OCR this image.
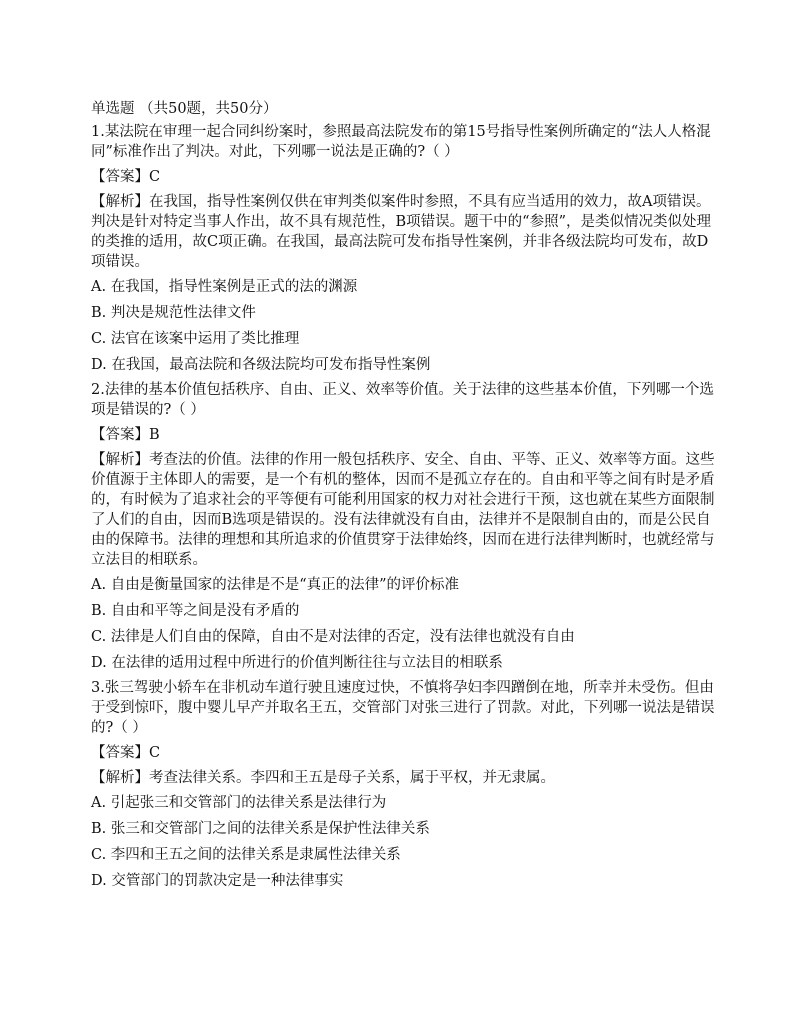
单选题 （共50题，共50分）
1.某法院在审理一起合同纠纷案时，参照最高法院发布的第15号指导性案例所确定的“法人人格混同”标准作出了判决。对此，下列哪一说法是正确的?（ ）
【答案】C
【解析】在我国，指导性案例仅供在审判类似案件时参照，不具有应当适用的效力，故A项错误。判决是针对特定当事人作出，故不具有规范性，B项错误。题干中的“参照”，是类似情况类似处理的类推的适用，故C项正确。在我国，最高法院可发布指导性案例，并非各级法院均可发布，故D项错误。
A. 在我国，指导性案例是正式的法的渊源
B. 判决是规范性法律文件
C. 法官在该案中运用了类比推理
D. 在我国，最高法院和各级法院均可发布指导性案例
2.法律的基本价值包括秩序、自由、正义、效率等价值。关于法律的这些基本价值，下列哪一个选项是错误的?（ ）
【答案】B
【解析】考查法的价值。法律的作用一般包括秩序、安全、自由、平等、正义、效率等方面。这些价值源于主体即人的需要，是一个有机的整体，因而不是孤立存在的。自由和平等之间有时是矛盾的，有时候为了追求社会的平等便有可能利用国家的权力对社会进行干预，这也就在某些方面限制了人们的自由，因而B选项是错误的。没有法律就没有自由，法律并不是限制自由的，而是公民自由的保障书。法律的理想和其所追求的价值贯穿于法律始终，因而在进行法律判断时，也就经常与立法目的相联系。
A. 自由是衡量国家的法律是不是“真正的法律”的评价标准
B. 自由和平等之间是没有矛盾的
C. 法律是人们自由的保障，自由不是对法律的否定，没有法律也就没有自由
D. 在法律的适用过程中所进行的价值判断往往与立法目的相联系
3.张三驾驶小轿车在非机动车道行驶且速度过快，不慎将孕妇李四蹭倒在地，所幸并未受伤。但由于受到惊吓，腹中婴儿早产并取名王五，交管部门对张三进行了罚款。对此，下列哪一说法是错误的?（ ）
【答案】C
【解析】考查法律关系。李四和王五是母子关系，属于平权，并无隶属。
A. 引起张三和交管部门的法律关系是法律行为
B. 张三和交管部门之间的法律关系是保护性法律关系
C. 李四和王五之间的法律关系是隶属性法律关系
D. 交管部门的罚款决定是一种法律事实
